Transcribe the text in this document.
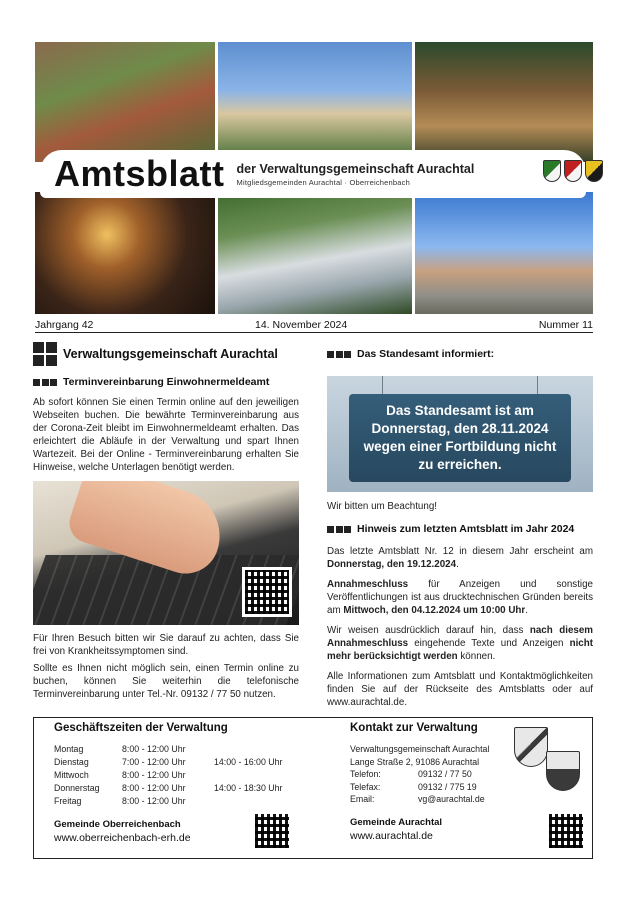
Amtsblatt der Verwaltungsgemeinschaft Aurachtal
Mitgliedsgemeinden Aurachtal · Oberreichenbach
Jahrgang 42	14. November 2024	Nummer 11
Verwaltungsgemeinschaft Aurachtal
Terminvereinbarung Einwohnermeldeamt

Ab sofort können Sie einen Termin online auf den jeweiligen Webseiten buchen. Die bewährte Terminvereinbarung aus der Corona-Zeit bleibt im Einwohnermeldeamt erhalten. Das erleichtert die Abläufe in der Verwaltung und spart Ihnen Wartezeit. Bei der Online - Terminvereinbarung erhalten Sie Hinweise, welche Unterlagen benötigt werden.

Für Ihren Besuch bitten wir Sie darauf zu achten, dass Sie frei von Krankheitssymptomen sind.

Sollte es Ihnen nicht möglich sein, einen Termin online zu buchen, können Sie weiterhin die telefonische Terminvereinbarung unter Tel.-Nr. 09132 / 77 50 nutzen.

Das Standesamt informiert:
Das Standesamt ist am Donnerstag, den 28.11.2024 wegen einer Fortbildung nicht zu erreichen.

Wir bitten um Beachtung!

Hinweis zum letzten Amtsblatt im Jahr 2024

Das letzte Amtsblatt Nr. 12 in diesem Jahr erscheint am Donnerstag, den 19.12.2024.

Annahmeschluss für Anzeigen und sonstige Veröffentlichungen ist aus drucktechnischen Gründen bereits am Mittwoch, den 04.12.2024 um 10:00 Uhr.

Wir weisen ausdrücklich darauf hin, dass nach diesem Annahmeschluss eingehende Texte und Anzeigen nicht mehr berücksichtigt werden können.

Alle Informationen zum Amtsblatt und Kontaktmöglichkeiten finden Sie auf der Rückseite des Amtsblatts oder auf www.aurachtal.de.

Geschäftszeiten der Verwaltung
Montag	8:00 - 12:00 Uhr
Dienstag	7:00 - 12:00 Uhr	14:00 - 16:00 Uhr
Mittwoch	8:00 - 12:00 Uhr
Donnerstag	8:00 - 12:00 Uhr	14:00 - 18:30 Uhr
Freitag	8:00 - 12:00 Uhr
Gemeinde Oberreichenbach
www.oberreichenbach-erh.de
Kontakt zur Verwaltung
Verwaltungsgemeinschaft Aurachtal
Lange Straße 2, 91086 Aurachtal
Telefon:	09132 / 77 50
Telefax:	09132 / 775 19
Email:	vg@aurachtal.de
Gemeinde Aurachtal
www.aurachtal.de
